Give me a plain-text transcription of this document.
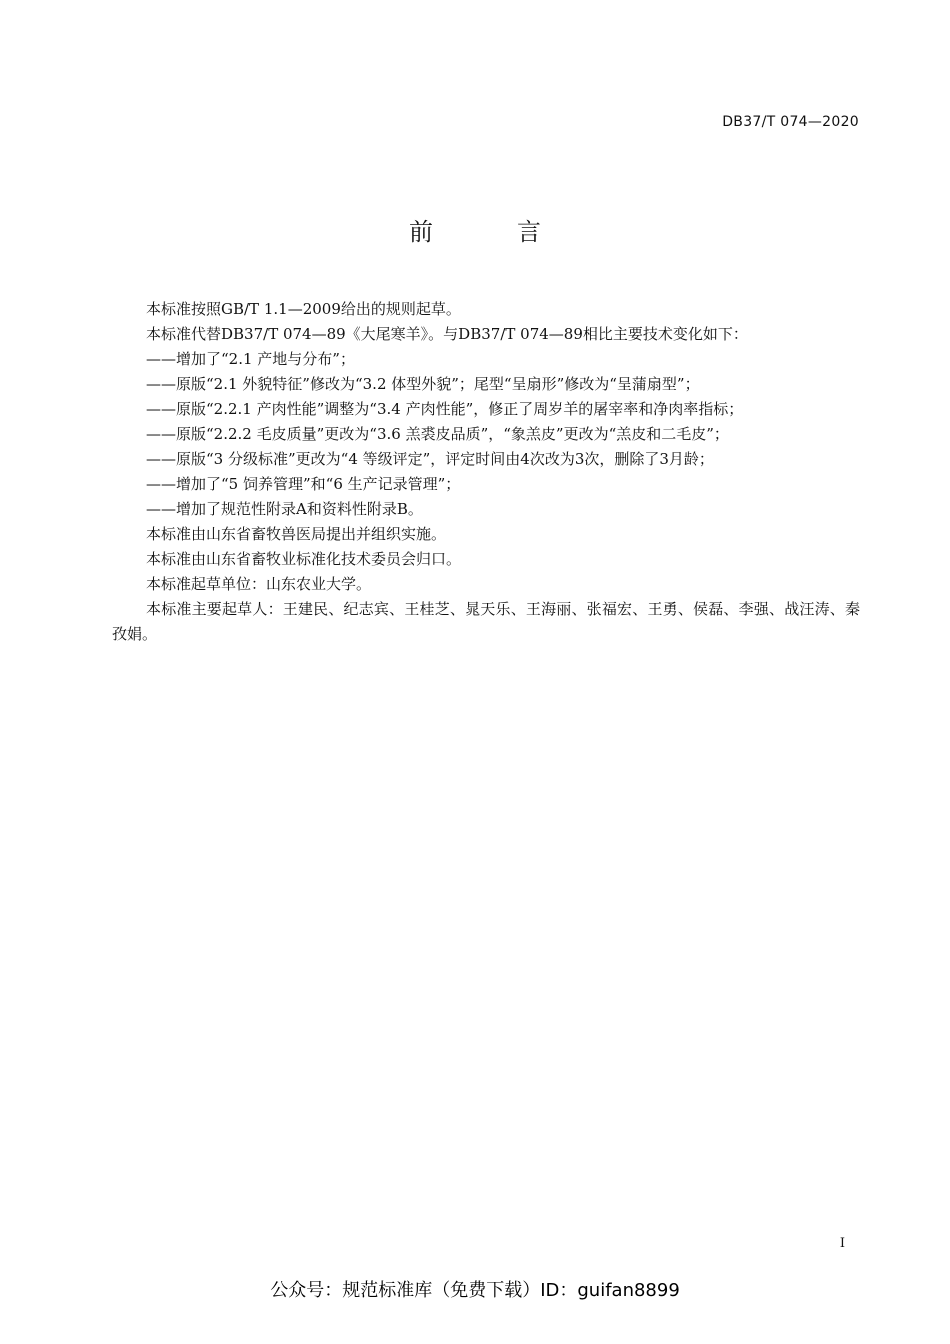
DB37/T 074—2020
前　言

本标准按照GB/T 1.1—2009给出的规则起草。

本标准代替DB37/T 074—89《大尾寒羊》。与DB37/T 074—89相比主要技术变化如下：

——增加了“2.1 产地与分布”；

——原版“2.1 外貌特征”修改为“3.2 体型外貌”；尾型“呈扇形”修改为“呈蒲扇型”；

——原版“2.2.1 产肉性能”调整为“3.4 产肉性能”，修正了周岁羊的屠宰率和净肉率指标；

——原版“2.2.2 毛皮质量”更改为“3.6 羔裘皮品质”，“象羔皮”更改为“羔皮和二毛皮”；

——原版“3 分级标准”更改为“4 等级评定”，评定时间由4次改为3次，删除了3月龄；

——增加了“5 饲养管理”和“6 生产记录管理”；

——增加了规范性附录A和资料性附录B。

本标准由山东省畜牧兽医局提出并组织实施。

本标准由山东省畜牧业标准化技术委员会归口。

本标准起草单位：山东农业大学。

本标准主要起草人：王建民、纪志宾、王桂芝、晁天乐、王海丽、张福宏、王勇、侯磊、李强、战汪涛、秦孜娟。

I
公众号：规范标准库（免费下载）ID：guifan8899
